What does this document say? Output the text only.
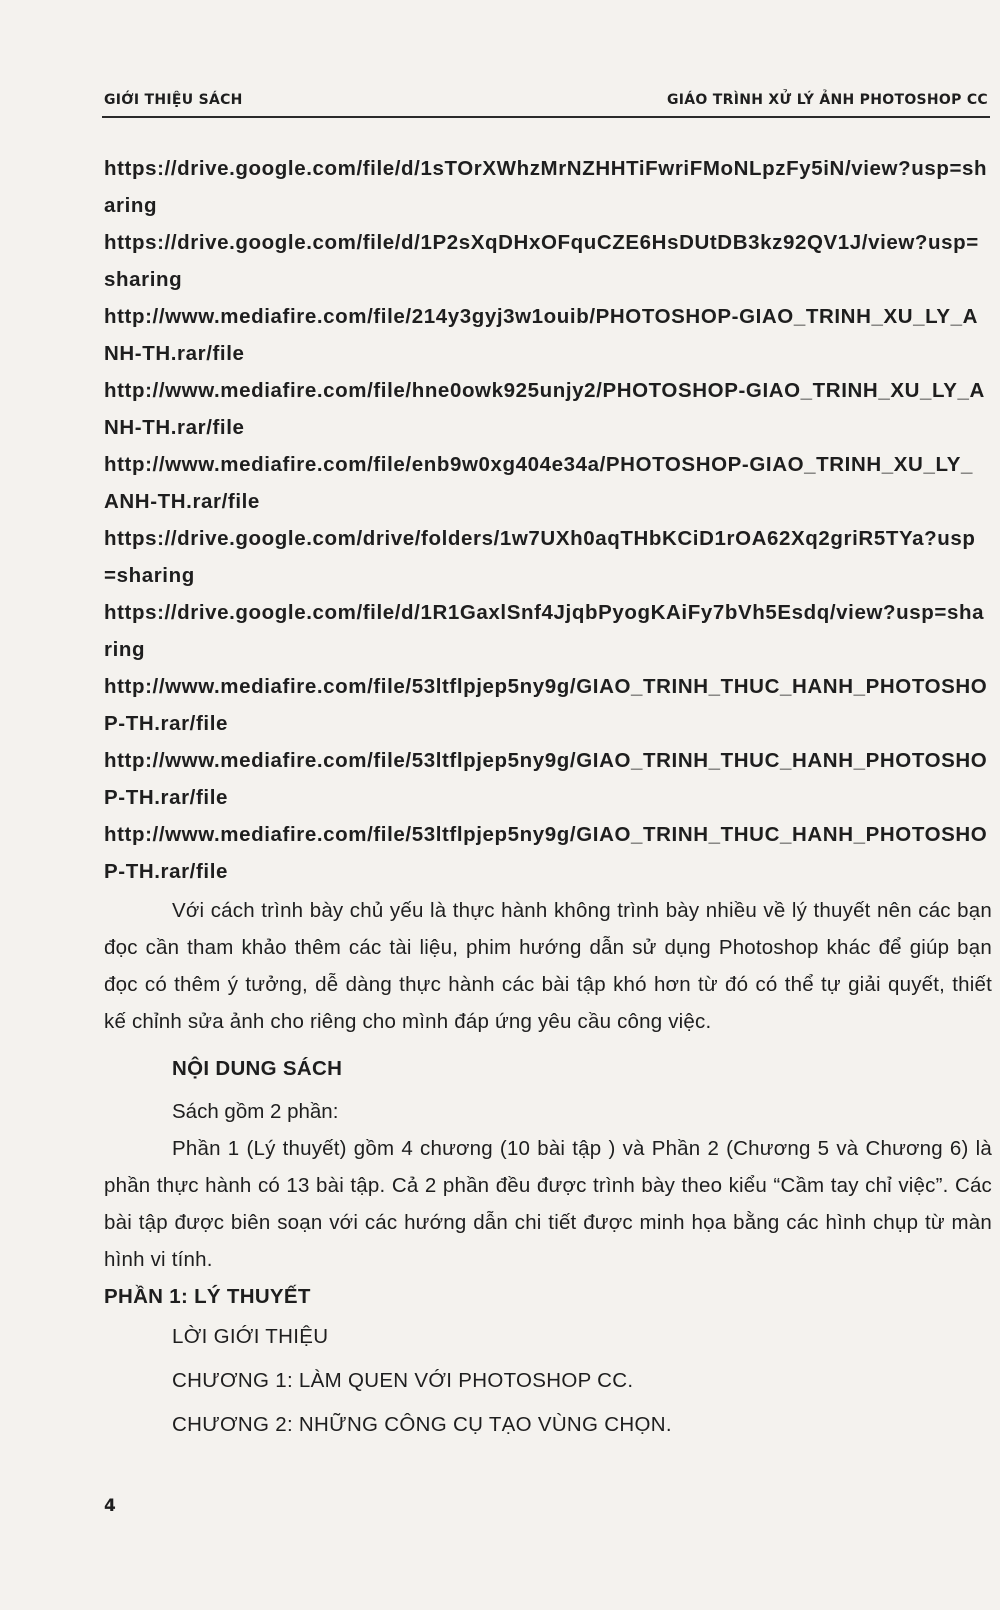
GIỚI THIỆU SÁCH	GIÁO TRÌNH XỬ LÝ ẢNH PHOTOSHOP CC
https://drive.google.com/file/d/1sTOrXWhzMrNZHHTiFwriFMoNLpzFy5iN/view?usp=sharing
https://drive.google.com/file/d/1P2sXqDHxOFquCZE6HsDUtDB3kz92QV1J/view?usp=sharing
http://www.mediafire.com/file/214y3gyj3w1ouib/PHOTOSHOP-GIAO_TRINH_XU_LY_ANH-TH.rar/file
http://www.mediafire.com/file/hne0owk925unjy2/PHOTOSHOP-GIAO_TRINH_XU_LY_ANH-TH.rar/file
http://www.mediafire.com/file/enb9w0xg404e34a/PHOTOSHOP-GIAO_TRINH_XU_LY_ANH-TH.rar/file
https://drive.google.com/drive/folders/1w7UXh0aqTHbKCiD1rOA62Xq2griR5TYa?usp=sharing
https://drive.google.com/file/d/1R1GaxlSnf4JjqbPyogKAiFy7bVh5Esdq/view?usp=sharing
http://www.mediafire.com/file/53ltflpjep5ny9g/GIAO_TRINH_THUC_HANH_PHOTOSHOP-TH.rar/file
http://www.mediafire.com/file/53ltflpjep5ny9g/GIAO_TRINH_THUC_HANH_PHOTOSHOP-TH.rar/file
http://www.mediafire.com/file/53ltflpjep5ny9g/GIAO_TRINH_THUC_HANH_PHOTOSHOP-TH.rar/file

Với cách trình bày chủ yếu là thực hành không trình bày nhiều về lý thuyết nên các bạn đọc cần tham khảo thêm các tài liệu, phim hướng dẫn sử dụng Photoshop khác để giúp bạn đọc có thêm ý tưởng, dễ dàng thực hành các bài tập khó hơn từ đó có thể tự giải quyết, thiết kế chỉnh sửa ảnh cho riêng cho mình đáp ứng yêu cầu công việc.

NỘI DUNG SÁCH
Sách gồm 2 phần:

Phần 1 (Lý thuyết) gồm 4 chương (10 bài tập ) và Phần 2 (Chương 5 và Chương 6) là phần thực hành có 13 bài tập. Cả 2 phần đều được trình bày theo kiểu “Cầm tay chỉ việc”. Các bài tập được biên soạn với các hướng dẫn chi tiết được minh họa bằng các hình chụp từ màn hình vi tính.

PHẦN 1: LÝ THUYẾT
LỜI GIỚI THIỆU
CHƯƠNG 1: LÀM QUEN VỚI PHOTOSHOP CC.
CHƯƠNG 2: NHỮNG CÔNG CỤ TẠO VÙNG CHỌN.
4
